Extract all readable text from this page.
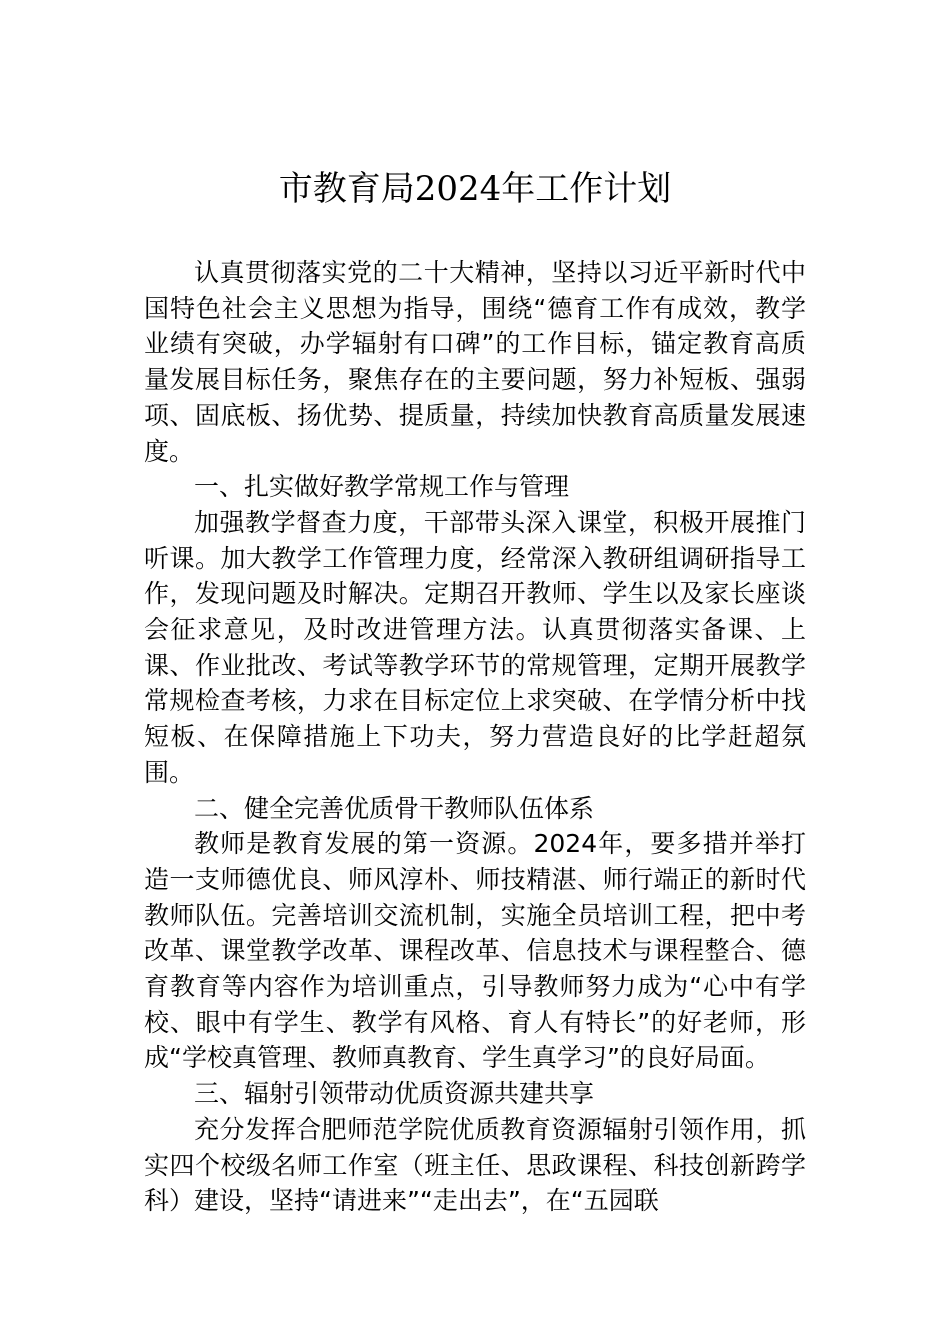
市教育局2024年工作计划

认真贯彻落实党的二十大精神，坚持以习近平新时代中国特色社会主义思想为指导，围绕“德育工作有成效，教学业绩有突破，办学辐射有口碑”的工作目标，锚定教育高质量发展目标任务，聚焦存在的主要问题，努力补短板、强弱项、固底板、扬优势、提质量，持续加快教育高质量发展速度。

一、扎实做好教学常规工作与管理

加强教学督查力度，干部带头深入课堂，积极开展推门听课。加大教学工作管理力度，经常深入教研组调研指导工作，发现问题及时解决。定期召开教师、学生以及家长座谈会征求意见，及时改进管理方法。认真贯彻落实备课、上课、作业批改、考试等教学环节的常规管理，定期开展教学常规检查考核，力求在目标定位上求突破、在学情分析中找短板、在保障措施上下功夫，努力营造良好的比学赶超氛围。

二、健全完善优质骨干教师队伍体系

教师是教育发展的第一资源。2024年，要多措并举打造一支师德优良、师风淳朴、师技精湛、师行端正的新时代教师队伍。完善培训交流机制，实施全员培训工程，把中考改革、课堂教学改革、课程改革、信息技术与课程整合、德育教育等内容作为培训重点，引导教师努力成为“心中有学校、眼中有学生、教学有风格、育人有特长”的好老师，形成“学校真管理、教师真教育、学生真学习”的良好局面。

三、辐射引领带动优质资源共建共享

充分发挥合肥师范学院优质教育资源辐射引领作用，抓实四个校级名师工作室（班主任、思政课程、科技创新跨学科）建设，坚持“请进来”“走出去”，在“五园联
